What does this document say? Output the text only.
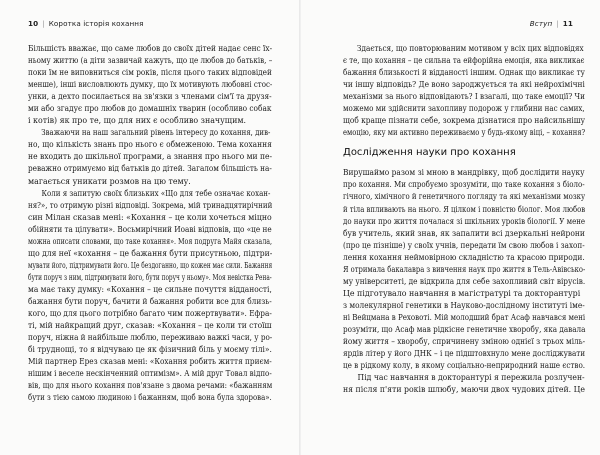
10 | Коротка історія кохання
Більшість вважає, що саме любов до своїх дітей надає сенс їх-
ньому життю (а діти зазвичай кажуть, що це любов до батьків, –
поки їм не виповниться сім років, після цього таких відповідей
менше), інші висловлюють думку, що їх мотивують любовні стос-
унки, а дехто посилається на зв'язки з членами сім'ї та друзя-
ми або згадує про любов до домашніх тварин (особливо собак
і котів) як про те, що для них є особливо значущим.
Зважаючи на наш загальний рівень інтересу до кохання, див-
но, що кількість знань про нього є обмеженою. Тема кохання
не входить до шкільної програми, а знання про нього ми пе-
реважно отримуємо від батьків до дітей. Загалом більшість на-
магається уникати розмов на цю тему.
Коли я запитую своїх близьких «Що для тебе означає кохан-
ня?», то отримую різні відповіді. Зокрема, мій тринадцятирічний
син Мілан сказав мені: «Кохання – це коли хочеться міцно
обійняти та цілувати». Восьмирічний Йоаві відповів, що «це не
можна описати словами, що таке кохання». Моя подруга Майя сказала,
що для неї «кохання – це бажання бути присутньою, підтри-
мувати його, підтримувати його. Це бездоганно, що кожен має сили. Бажання
бути поруч з ним, підтримувати його, бути поруч у ньому». Моя невістка Рена-
ма має таку думку: «Кохання – це сильне почуття відданості,
бажання бути поруч, бачити й бажання робити все для близь-
кого, що для цього потрібно багато чим пожертвувати». Ефра-
ті, мій найкращий друг, сказав: «Кохання – це коли ти стоїш
поруч, ніжна й найбільше люблю, переживаю важкі часи, у ро-
бі труднощі, то я відчуваю це як фізичний біль у моєму тілі».
Мій партнер Ерез сказав мені: «Кохання робить життя приєм-
нішим і веселе нескінченний оптимізм». А мій друг Товал відпо-
вів, що для нього кохання пов'язане з двома речами: «бажанням
бути з тією самою людиною і бажанням, щоб вона була здорова».
Вступ | 11
Здається, що повторюваним мотивом у всіх цих відповідях
є те, що кохання – це сильна та ейфорійна емоція, яка викликає
бажання близькості й відданості іншим. Однак що викликає ту
чи іншу відповідь? Де воно зароджується та які нейрохімічні
механізми за нього відповідають? І взагалі, що таке емоції? Чи
можемо ми здійснити захопливу подорож у глибини нас самих,
щоб краще пізнати себе, зокрема дізнатися про найсильнішу
емоцію, яку ми активно переживаємо у будь-якому віці, – кохання?
Дослідження науки про кохання
Вирушаймо разом зі мною в мандрівку, щоб дослідити науку
про кохання. Ми спробуємо зрозуміти, що таке кохання з біоло-
гічного, хімічного й генетичного погляду та які механізми мозку
й тіла впливають на нього. Я цілком і повністю біолог. Моя любов
до науки про життя почалася зі шкільних уроків біології. У мене
був учитель, який знав, як запалити всі дзеркальні нейрони
(про це пізніше) у своїх учнів, передати їм свою любов і захоп-
лення кохання неймовірною складністю та красою природи.
Я отримала бакалавра з вивчення наук про життя в Тель-Авівсько-
му університеті, де відкрила для себе захопливий світ вірусів.
Це підготувало навчання в магістратурі та докторантурі
з молекулярної генетики в Науково-дослідному інституті іме-
ні Вейцмана в Реховоті. Мій молодший брат Асаф навчався мені
розуміти, що Асаф мав рідкісне генетичне хворобу, яка давала
йому життя – хворобу, спричинену зміною однієї з трьох міль-
ярдів літер у його ДНК – і це підштовхнуло мене досліджувати
це в рідкому колу, в якому соціально-неприродний наше єство.
Під час навчання в докторантурі я пережила розлучен-
ня після п'яти років шлюбу, маючи двох чудових дітей. Це
